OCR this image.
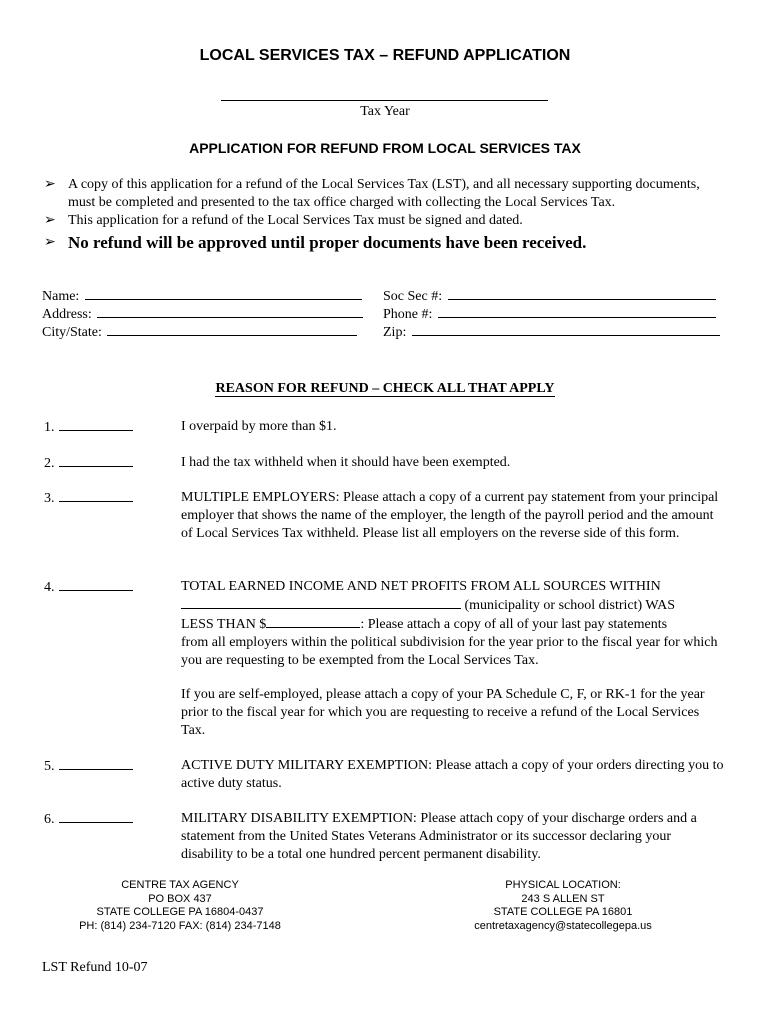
LOCAL SERVICES TAX – REFUND APPLICATION
Tax Year
APPLICATION FOR REFUND FROM LOCAL SERVICES TAX
➢ A copy of this application for a refund of the Local Services Tax (LST), and all necessary supporting documents, must be completed and presented to the tax office charged with collecting the Local Services Tax.
➢ This application for a refund of the Local Services Tax must be signed and dated.
➢ No refund will be approved until proper documents have been received.
Name:
Address:
City/State:
Soc Sec #:
Phone #:
Zip:
REASON FOR REFUND – CHECK ALL THAT APPLY
1.	I overpaid by more than $1.
2.	I had the tax withheld when it should have been exempted.
3.	MULTIPLE EMPLOYERS: Please attach a copy of a current pay statement from your principal employer that shows the name of the employer, the length of the payroll period and the amount of Local Services Tax withheld. Please list all employers on the reverse side of this form.
4.	TOTAL EARNED INCOME AND NET PROFITS FROM ALL SOURCES WITHIN
(municipality or school district) WAS
LESS THAN $	: Please attach a copy of all of your last pay statements
from all employers within the political subdivision for the year prior to the fiscal year for which you are requesting to be exempted from the Local Services Tax.
If you are self-employed, please attach a copy of your PA Schedule C, F, or RK-1 for the year prior to the fiscal year for which you are requesting to receive a refund of the Local Services Tax.
5.	ACTIVE DUTY MILITARY EXEMPTION: Please attach a copy of your orders directing you to active duty status.
6.	MILITARY DISABILITY EXEMPTION: Please attach copy of your discharge orders and a statement from the United States Veterans Administrator or its successor declaring your disability to be a total one hundred percent permanent disability.
CENTRE TAX AGENCY
PO BOX 437
STATE COLLEGE PA 16804-0437
PH: (814) 234-7120 FAX: (814) 234-7148
PHYSICAL LOCATION:
243 S ALLEN ST
STATE COLLEGE PA 16801
centretaxagency@statecollegepa.us
LST Refund 10-07
